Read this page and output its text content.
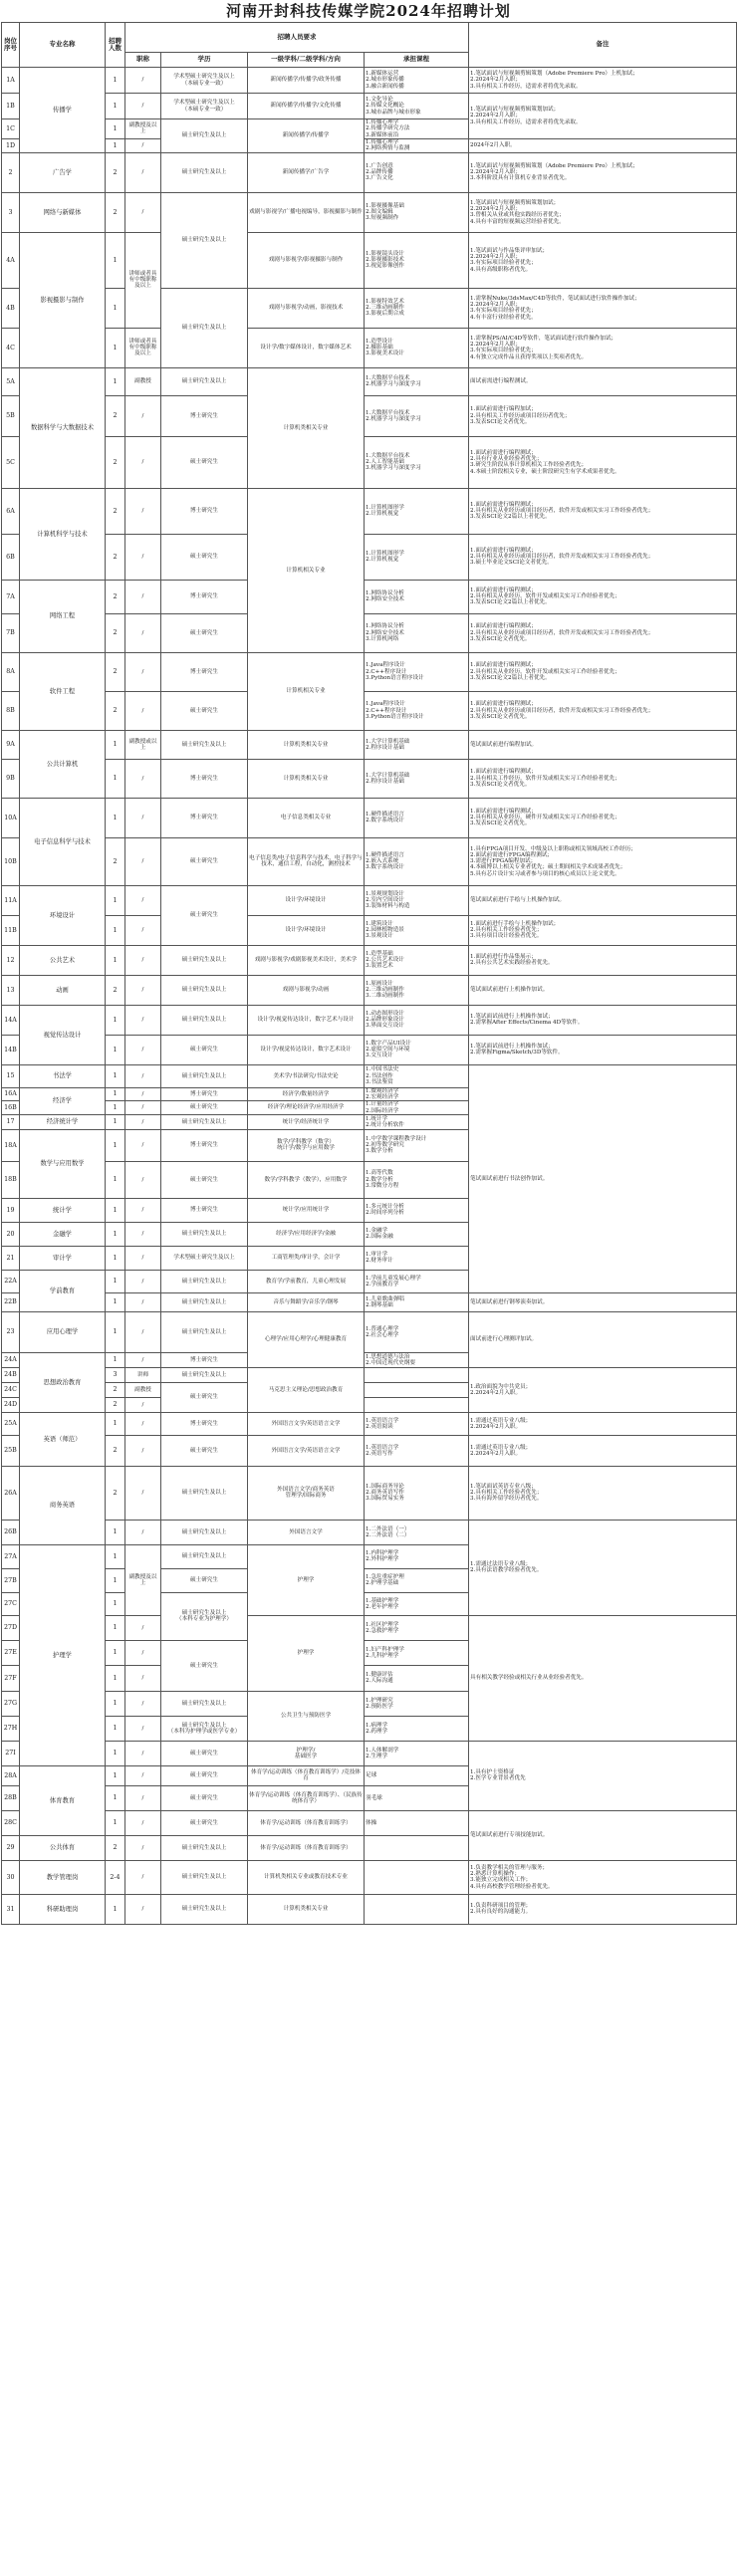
河南开封科技传媒学院2024年招聘计划
岗位序号	专业名称	招聘人数	招聘人员要求				备注
			职称	学历	一级学科/二级学科/方向	承担课程	
1A	传播学	1	/	学术型硕士研究生及以上
（本硕专业一致）	新闻传播学/传播学/政务传播	1.新媒体运营
2.城市形象传播
3.融合新闻传播	1.笔试面试与短视频剪辑策划（Adobe Premiere Pro）上机加试；
2.2024年2月入职；
3.具有相关工作经历，适需求者将优先录取。
1B		1	/	学术型硕士研究生及以上
（本硕专业一致）	新闻传播学/传播学/文化传播	1.文化导论
2.传媒文化概论
3.城市品牌与城市形象	1.笔试面试与短视频剪辑策划加试；
2.2024年2月入职；
3.具有相关工作经历，适需求者将优先录取。
1C		1	副教授及以上	硕士研究生及以上	新闻传播学/传播学	1.传播心理学
2.传播学研究方法
3.新媒体前沿	
1D		1	/			1.传播心理学
2.网络舆情与监测	2024年2月入职。
2	广告学	2	/	硕士研究生及以上	新闻传播学/广告学	1.广告创意
2.品牌传播
3.广告文化	1.笔试面试与短视频剪辑策划（Adobe Premiere Pro）上机加试；
2.2024年2月入职；
3.本科阶段具有计算机专业背景者优先。
3	网络与新媒体	2	/	硕士研究生及以上	戏剧与影视学/广播电视编导，影视摄影与制作	1.影视摄像基础
2.图文编辑
3.短视频制作	1.笔试面试与短视频剪辑策划加试；
2.2024年2月入职；
3.曾相关从业或其他实践经历者优先；
4.具有丰富的短视频运营经验者优先。
4A	影视摄影与制作	1	讲师或者具有中级职称及以上		戏剧与影视学/影视摄影与制作	1.影视镜头设计
2.影视摄影技术
3.视觉影像创作	1.笔试面试与作品集评审加试；
2.2024年2月入职；
3.有实际项目经验者优先；
4.具有高级职称者优先。
4B		1		硕士研究生及以上	戏剧与影视学/动画，影视技术	1.影视特效艺术
2.三维动画制作
3.影视后期合成	1.需掌握Nuke/3dsMax/C4D等软件，笔试面试进行软件操作加试；
2.2024年2月入职；
3.有实际项目经验者优先；
4.有丰富行业经验者优先。
4C		1	讲师或者具有中级职称及以上		设计学/数字媒体设计，数字媒体艺术	1.造型设计
2.摄影基础
3.影视美术设计	1.需掌握PS/AI/C4D等软件，笔试面试进行软件操作加试；
2.2024年2月入职；
3.有实际项目经验者优先；
4.有独立完成作品且获得奖项以上奖项者优先。
5A	数据科学与大数据技术	1	副教授	硕士研究生及以上	计算机类相关专业	1.大数据平台技术
2.机器学习与深度学习	面试前需进行编程测试。
5B		2	/	博士研究生		1.大数据平台技术
2.机器学习与深度学习	1.面试前需进行编程加试；
2.具有相关工作经历或项目经历者优先；
3.发表SCI论文者优先。
5C		2	/	硕士研究生		1.大数据平台技术
2.人工智能基础
3.机器学习与深度学习	1.面试前需进行编程测试；
2.具有行业从业经验者优先；
3.研究生阶段从事计算机相关工作经验者优先；
4.本硕士阶段相关专业，硕士阶段研究生有学术成果者优先。
6A	计算机科学与技术	2	/	博士研究生	计算机相关专业	1.计算机图形学
2.计算机视觉	1.面试前需进行编程测试；
2.具有相关从业经历或项目经历者，软件开发或相关实习工作经验者优先；
3.发表SCI论文2篇以上者优先。
6B		2	/	硕士研究生		1.计算机图形学
2.计算机视觉	1.面试前需进行编程测试；
2.具有相关从业经历或项目经历者，软件开发或相关实习工作经验者优先；
3.硕士毕业论文SCI论文者优先。
7A	网络工程	2	/	博士研究生		1.网络协议分析
2.网络安全技术	1.面试前需进行编程测试；
2.具有相关从业经历，软件开发或相关实习工作经验者优先；
3.发表SCI论文2篇以上者优先。
7B		2	/	硕士研究生		1.网络协议分析
2.网络安全技术
3.计算机网络	1.面试前需进行编程测试；
2.具有相关从业经历或项目经历者，软件开发或相关实习工作经验者优先；
3.发表SCI论文者优先。
8A	软件工程	2	/	博士研究生	计算机相关专业	1.Java程序设计
2.C++程序设计
3.Python语言程序设计	1.面试前需进行编程测试；
2.具有相关从业经历，软件开发或相关实习工作经验者优先；
3.发表SCI论文2篇以上者优先。
8B		2	/	硕士研究生		1.Java程序设计
2.C++程序设计
3.Python语言程序设计	1.面试前需进行编程测试；
2.具有相关从业经历或项目经历者，软件开发或相关实习工作经验者优先；
3.发表SCI论文者优先。
9A	公共计算机	1	副教授或以上	硕士研究生及以上	计算机类相关专业	1.大学计算机基础
2.程序设计基础	笔试面试前进行编程加试。
9B		1	/	博士研究生	计算机类相关专业	1.大学计算机基础
2.程序设计基础	1.面试前需进行编程测试；
2.具有相关工作经历，软件开发或相关实习工作经验者优先；
3.发表SCI论文者优先。
10A	电子信息科学与技术	1	/	博士研究生	电子信息类相关专业	1.硬件描述语言
2.数字系统设计	1.面试前需进行编程测试；
2.具有相关从业经历，硬件开发或相关实习工作经验者优先；
3.发表SCI论文者优先。
10B		2	/	硕士研究生	电子信息类/电子信息科学与技术，电子科学与技术，通信工程，自动化，测控技术	1.硬件描述语言
2.嵌入式系统
3.数字系统设计	1.具有FPGA项目开发、中级及以上职称或相关领域高校工作经历；
2.面试前需进行FPGA编程测试；
3.需进行FPGA编程加试；
4.本硕博以上相关专业者优先；硕士期间相关学术成果者优先；
5.具有芯片设计实习或者参与项目的核心成员以上论文优先。
11A	环境设计	1	/	硕士研究生	设计学/环境设计	1.景观规划设计
2.室内空间设计
3.装饰材料与构造	笔试面试前进行手绘与上机操作加试。
11B		1	/		设计学/环境设计	1.建筑设计
2.园林植物造景
3.景观设计	1.面试前进行手绘与上机操作加试；
2.具有相关工作经验者优先；
3.具有项目设计经验者优先。
12	公共艺术	1	/	硕士研究生及以上	戏剧与影视学/戏剧影视美术设计，美术学	1.造型基础
2.公共艺术设计
3.装置艺术	1.面试前进行作品集展示；
2.具有公共艺术实践经验者优先。
13	动画	2	/	硕士研究生及以上	戏剧与影视学/动画	1.原画设计
2.三维动画制作
3.二维动画制作	笔试面试前进行上机操作加试。
14A	视觉传达设计	1	/	硕士研究生及以上	设计学/视觉传达设计，数字艺术与设计	1.动态图形设计
2.品牌形象设计
3.界面交互设计	1.笔试面试前进行上机操作加试；
2.需掌握After Effects/Cinema 4D等软件。
14B		1	/	硕士研究生	设计学/视觉传达设计，数字艺术设计	1.数字产品UI设计
2.虚拟空间与环境
3.交互设计	1.笔试面试前进行上机操作加试；
2.需掌握Figma/Sketch/3D等软件。
15	书法学	1	/	硕士研究生及以上	美术学/书法研究/书法史论	1.中国书法史
2.书法创作
3.书法鉴赏	笔试面试前进行书法创作加试。
16A	经济学	1	/	博士研究生	经济学/数量经济学	1.微观经济学
2.宏观经济学	
16B		1	/	硕士研究生	经济学/理论经济学/应用经济学	1.计量经济学
2.国际经济学	
17	经济统计学	1	/	硕士研究生及以上	统计学/经济统计学	1.统计学
2.统计分析软件	
18A	数学与应用数学	1	/	博士研究生	数学/学科教学（数学）
统计学/数学与应用数学	1.中学数学课程教学设计
2.初等数学研究
3.数学分析	
18B		1	/	硕士研究生	数学/学科教学（数学），应用数学	1.高等代数
2.数学分析
3.常微分方程	
19	统计学	1	/	博士研究生	统计学/应用统计学	1.多元统计分析
2.时间序列分析	
20	金融学	1	/	硕士研究生及以上	经济学/应用经济学/金融	1.金融学
2.国际金融	
21	审计学	1	/	学术型硕士研究生及以上	工商管理类/审计学，会计学	1.审计学
2.财务审计	
22A	学前教育	1	/	硕士研究生及以上	教育学/学前教育，儿童心理发展	1.学前儿童发展心理学
2.学前教育学	
22B		1	/	硕士研究生及以上	音乐与舞蹈学/音乐学/钢琴	1.儿童歌曲弹唱
2.钢琴基础	笔试面试前进行钢琴演奏加试。
23	应用心理学	1	/	硕士研究生及以上	心理学/应用心理学/心理健康教育	1.普通心理学
2.社会心理学	面试前进行心理测评加试。
24A	思想政治教育	1	/	博士研究生		1.思想道德与法治
2.中国近现代史纲要	
24B		3	讲师	硕士研究生及以上	马克思主义理论/思想政治教育		1.政治面貌为中共党员；
2.2024年2月入职。
24C		2	副教授	硕士研究生			
24D		2	/				
25A	英语（师范）	1	/	博士研究生	外国语言文学/英语语言文学	1.英语语言学
2.英语阅读	1.需通过英语专业八级；
2.2024年2月入职。
25B		2	/	硕士研究生	外国语言文学/英语语言文学	1.英语语言学
2.英语写作	1.需通过英语专业八级；
2.2024年2月入职。
26A	商务英语	2	/	硕士研究生及以上	外国语言文学/商务英语
管理学/国际商务	1.国际商务导论
2.商务英语写作
3.国际贸易实务	1.笔试面试英语专业八级；
2.具有相关工作经验者优先；
3.具有海外留学经历者优先。
26B		1	/	硕士研究生及以上	外国语言文学	1.二外法语（一）
2.二外法语（二）	1.需通过法语专业八级；
2.具有法语教学经验者优先。
27A	护理学	1	副教授及以上	硕士研究生及以上	护理学	1.内科护理学
2.外科护理学	
27B		1		硕士研究生		1.急危重症护理
2.护理学基础	
27C		1		硕士研究生及以上
（本科专业为护理学）		1.基础护理学
2.老年护理学	
27D		1	/		护理学	1.社区护理学
2.急救护理学	具有相关教学经验或相关行业从业经验者优先。
27E		1	/	硕士研究生		1.妇产科护理学
2.儿科护理学	
27F		1	/			1.健康评估
2.人际沟通	
27G		1	/	硕士研究生及以上	公共卫生与预防医学	1.护理研究
2.预防医学	
27H		1	/	硕士研究生及以上
（本科为护理学或医学专业）		1.病理学
2.药理学	
27I		1	/	硕士研究生	护理学/
基础医学	1.人体解剖学
2.生理学	1.具有护士资格证
2.医学专业背景者优先
28A	体育教育	1	/	硕士研究生	体育学/运动训练（体育教育训练学）/竞技体育	足球	
28B		1	/	硕士研究生	体育学/运动训练（体育教育训练学）、（民族传统体育学）	羽毛球	
28C		1	/	硕士研究生	体育学/运动训练（体育教育训练学）	体操	笔试面试前进行专项技能加试。
29	公共体育	2	/	硕士研究生及以上	体育学/运动训练（体育教育训练学）		
30	教学管理岗	2-4	/	硕士研究生及以上	计算机类相关专业或教育技术专业		1.负责教学相关的管理与服务；
2.熟悉计算机操作；
3.能独立完成相关工作；
4.具有高校教学管理经验者优先。
31	科研助理岗	1	/	硕士研究生及以上	计算机类相关专业		1.负责科研项目的管理；
2.具有良好的沟通能力。
